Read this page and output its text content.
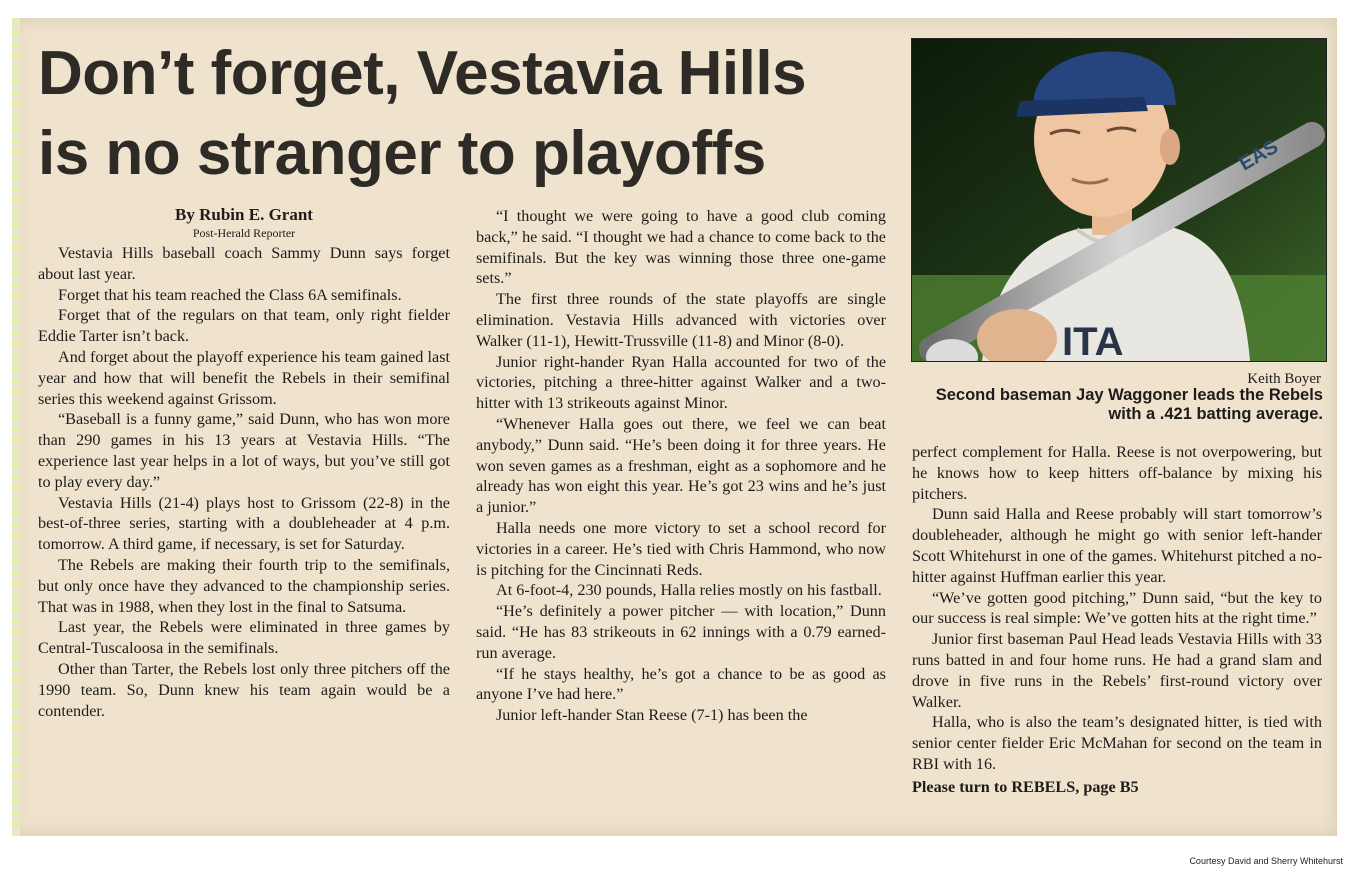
Don’t forget, Vestavia Hills
is no stranger to playoffs
By Rubin E. Grant
Post-Herald Reporter

Vestavia Hills baseball coach Sammy Dunn says forget about last year.

Forget that his team reached the Class 6A semifinals.

Forget that of the regulars on that team, only right fielder Eddie Tarter isn’t back.

And forget about the playoff experience his team gained last year and how that will benefit the Rebels in their semifinal series this weekend against Grissom.

“Baseball is a funny game,” said Dunn, who has won more than 290 games in his 13 years at Vestavia Hills. “The experience last year helps in a lot of ways, but you’ve still got to play every day.”

Vestavia Hills (21-4) plays host to Grissom (22-8) in the best-of-three series, starting with a doubleheader at 4 p.m. tomorrow. A third game, if necessary, is set for Saturday.

The Rebels are making their fourth trip to the semifinals, but only once have they advanced to the championship series. That was in 1988, when they lost in the final to Satsuma.

Last year, the Rebels were eliminated in three games by Central-Tuscaloosa in the semifinals.

Other than Tarter, the Rebels lost only three pitchers off the 1990 team. So, Dunn knew his team again would be a contender.

“I thought we were going to have a good club coming back,” he said. “I thought we had a chance to come back to the semifinals. But the key was winning those three one-game sets.”

The first three rounds of the state playoffs are single elimination. Vestavia Hills advanced with victories over Walker (11-1), Hewitt-Trussville (11-8) and Minor (8-0).

Junior right-hander Ryan Halla accounted for two of the victories, pitching a three-hitter against Walker and a two-hitter with 13 strikeouts against Minor.

“Whenever Halla goes out there, we feel we can beat anybody,” Dunn said. “He’s been doing it for three years. He won seven games as a freshman, eight as a sophomore and he already has won eight this year. He’s got 23 wins and he’s just a junior.”

Halla needs one more victory to set a school record for victories in a career. He’s tied with Chris Hammond, who now is pitching for the Cincinnati Reds.

At 6-foot-4, 230 pounds, Halla relies mostly on his fastball.

“He’s definitely a power pitcher — with location,” Dunn said. “He has 83 strikeouts in 62 innings with a 0.79 earned-run average.

“If he stays healthy, he’s got a chance to be as good as anyone I’ve had here.”

Junior left-hander Stan Reese (7-1) has been the

ITA
EAS
Keith Boyer

Second baseman Jay Waggoner leads the Rebels with a .421 batting average.

perfect complement for Halla. Reese is not overpowering, but he knows how to keep hitters off-balance by mixing his pitchers.

Dunn said Halla and Reese probably will start tomorrow’s doubleheader, although he might go with senior left-hander Scott Whitehurst in one of the games. Whitehurst pitched a no-hitter against Huffman earlier this year.

“We’ve gotten good pitching,” Dunn said, “but the key to our success is real simple: We’ve gotten hits at the right time.”

Junior first baseman Paul Head leads Vestavia Hills with 33 runs batted in and four home runs. He had a grand slam and drove in five runs in the Rebels’ first-round victory over Walker.

Halla, who is also the team’s designated hitter, is tied with senior center fielder Eric McMahan for second on the team in RBI with 16.

Please turn to REBELS, page B5

Courtesy David and Sherry Whitehurst
